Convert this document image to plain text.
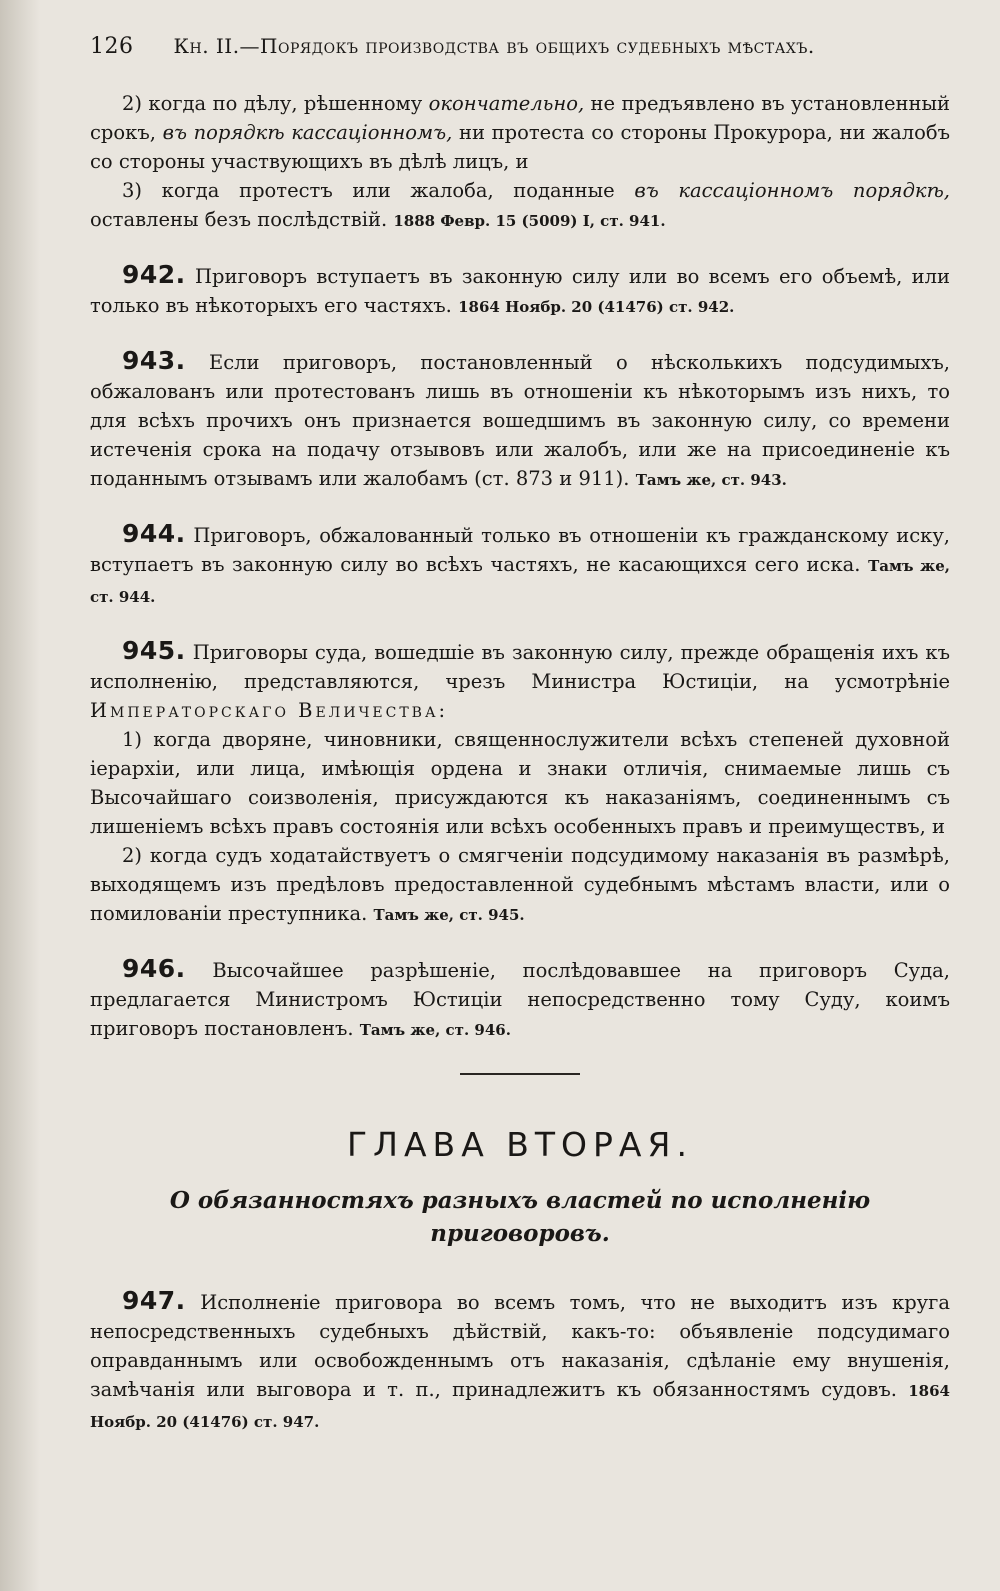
126 Кн. II.—Порядокъ производства въ общихъ судебныхъ мѣстахъ.

2) когда по дѣлу, рѣшенному окончательно, не предъявлено въ установленный срокъ, въ порядкѣ кассаціонномъ, ни протеста со стороны Прокурора, ни жалобъ со стороны участвующихъ въ дѣлѣ лицъ, и

3) когда протестъ или жалоба, поданные въ кассаціонномъ порядкѣ, оставлены безъ послѣдствій. 1888 Февр. 15 (5009) I, ст. 941.

942. Приговоръ вступаетъ въ законную силу или во всемъ его объемѣ, или только въ нѣкоторыхъ его частяхъ. 1864 Ноябр. 20 (41476) ст. 942.

943. Если приговоръ, постановленный о нѣсколькихъ подсудимыхъ, обжалованъ или протестованъ лишь въ отношеніи къ нѣкоторымъ изъ нихъ, то для всѣхъ прочихъ онъ признается вошедшимъ въ законную силу, со времени истеченія срока на подачу отзывовъ или жалобъ, или же на присоединеніе къ поданнымъ отзывамъ или жалобамъ (ст. 873 и 911). Тамъ же, ст. 943.

944. Приговоръ, обжалованный только въ отношеніи къ гражданскому иску, вступаетъ въ законную силу во всѣхъ частяхъ, не касающихся сего иска. Тамъ же, ст. 944.

945. Приговоры суда, вошедшіе въ законную силу, прежде обращенія ихъ къ исполненію, представляются, чрезъ Министра Юстиціи, на усмотрѣніе Императорскаго Величества:

1) когда дворяне, чиновники, священнослужители всѣхъ степеней духовной іерархіи, или лица, имѣющія ордена и знаки отличія, снимаемые лишь съ Высочайшаго соизволенія, присуждаются къ наказаніямъ, соединеннымъ съ лишеніемъ всѣхъ правъ состоянія или всѣхъ особенныхъ правъ и преимуществъ, и

2) когда судъ ходатайствуетъ о смягченіи подсудимому наказанія въ размѣрѣ, выходящемъ изъ предѣловъ предоставленной судебнымъ мѣстамъ власти, или о помилованіи преступника. Тамъ же, ст. 945.

946. Высочайшее разрѣшеніе, послѣдовавшее на приговоръ Суда, предлагается Министромъ Юстиціи непосредственно тому Суду, коимъ приговоръ постановленъ. Тамъ же, ст. 946.

ГЛАВА ВТОРАЯ.
О обязанностяхъ разныхъ властей по исполненію приговоровъ.

947. Исполненіе приговора во всемъ томъ, что не выходитъ изъ круга непосредственныхъ судебныхъ дѣйствій, какъ-то: объявленіе подсудимаго оправданнымъ или освобожденнымъ отъ наказанія, сдѣланіе ему внушенія, замѣчанія или выговора и т. п., принадлежитъ къ обязанностямъ судовъ. 1864 Ноябр. 20 (41476) ст. 947.
